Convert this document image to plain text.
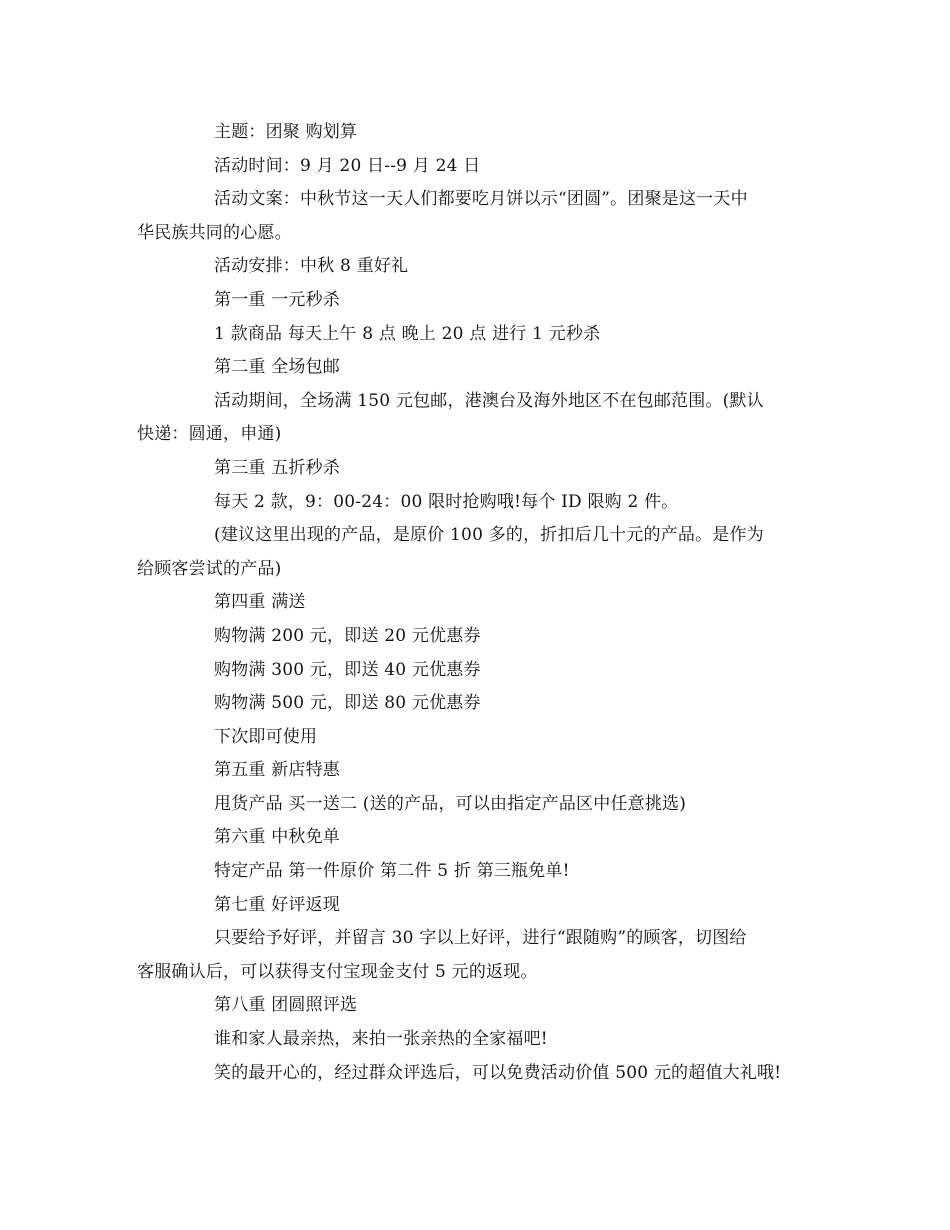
主题：团聚 购划算
活动时间：9 月 20 日--9 月 24 日
活动文案：中秋节这一天人们都要吃月饼以示“团圆”。团聚是这一天中
华民族共同的心愿。
活动安排：中秋 8 重好礼
第一重 一元秒杀
1 款商品 每天上午 8 点 晚上 20 点 进行 1 元秒杀
第二重 全场包邮
活动期间，全场满 150 元包邮，港澳台及海外地区不在包邮范围。(默认
快递：圆通，申通)
第三重 五折秒杀
每天 2 款，9：00-24：00 限时抢购哦!每个 ID 限购 2 件。
(建议这里出现的产品，是原价 100 多的，折扣后几十元的产品。是作为
给顾客尝试的产品)
第四重 满送
购物满 200 元，即送 20 元优惠券
购物满 300 元，即送 40 元优惠券
购物满 500 元，即送 80 元优惠券
下次即可使用
第五重 新店特惠
甩货产品 买一送二 (送的产品，可以由指定产品区中任意挑选)
第六重 中秋免单
特定产品 第一件原价 第二件 5 折 第三瓶免单!
第七重 好评返现
只要给予好评，并留言 30 字以上好评，进行“跟随购”的顾客，切图给
客服确认后，可以获得支付宝现金支付 5 元的返现。
第八重 团圆照评选
谁和家人最亲热，来拍一张亲热的全家福吧!
笑的最开心的，经过群众评选后，可以免费活动价值 500 元的超值大礼哦!
